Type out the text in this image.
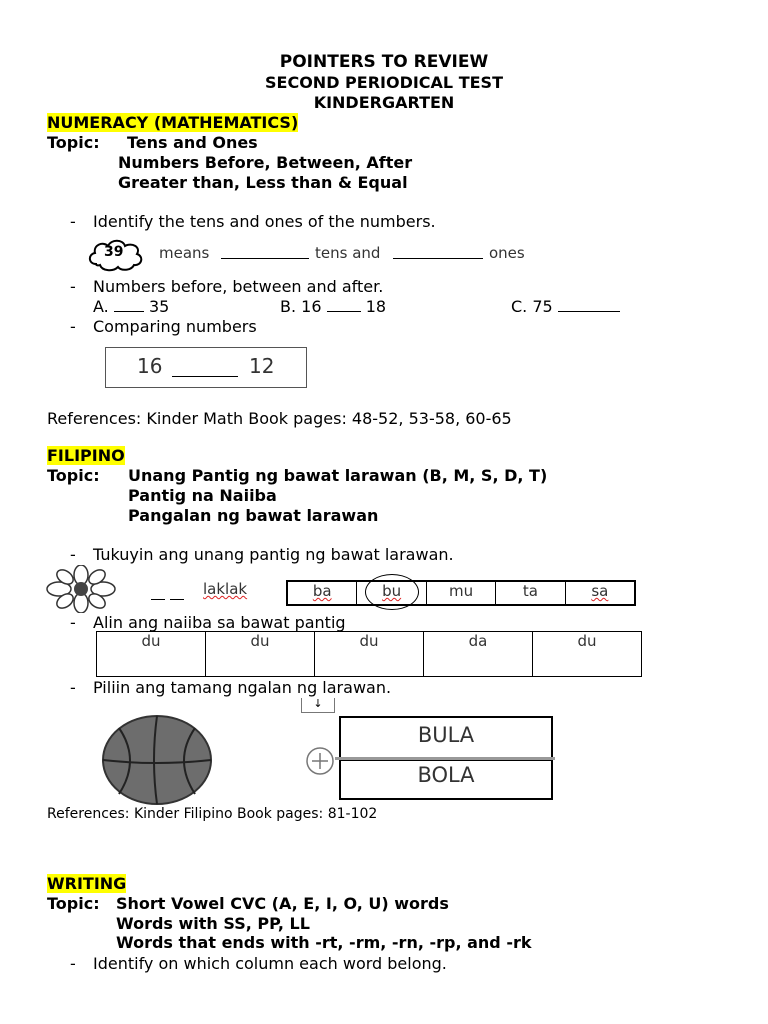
POINTERS TO REVIEW
SECOND PERIODICAL TEST
KINDERGARTEN
NUMERACY (MATHEMATICS)
Topic: Tens and Ones
Numbers Before, Between, After
Greater than, Less than & Equal
- Identify the tens and ones of the numbers.
39 means	tens and	ones
- Numbers before, between and after.
A.	35	B. 16	18	C. 75
- Comparing numbers
16	12
References: Kinder Math Book pages: 48-52, 53-58, 60-65
FILIPINO
Topic: Unang Pantig ng bawat larawan (B, M, S, D, T)
Pantig na Naiiba
Pangalan ng bawat larawan
- Tukuyin ang unang pantig ng bawat larawan.

laklak	ba	bu	mu	ta	sa
- Alin ang naiiba sa bawat pantig
du	du	du	da	du
- Piliin ang tamang ngalan ng larawan.
↓
BULA
BOLA
References: Kinder Filipino Book pages: 81-102
WRITING
Topic: Short Vowel CVC (A, E, I, O, U) words
Words with SS, PP, LL
Words that ends with -rt, -rm, -rn, -rp, and -rk
- Identify on which column each word belong.
